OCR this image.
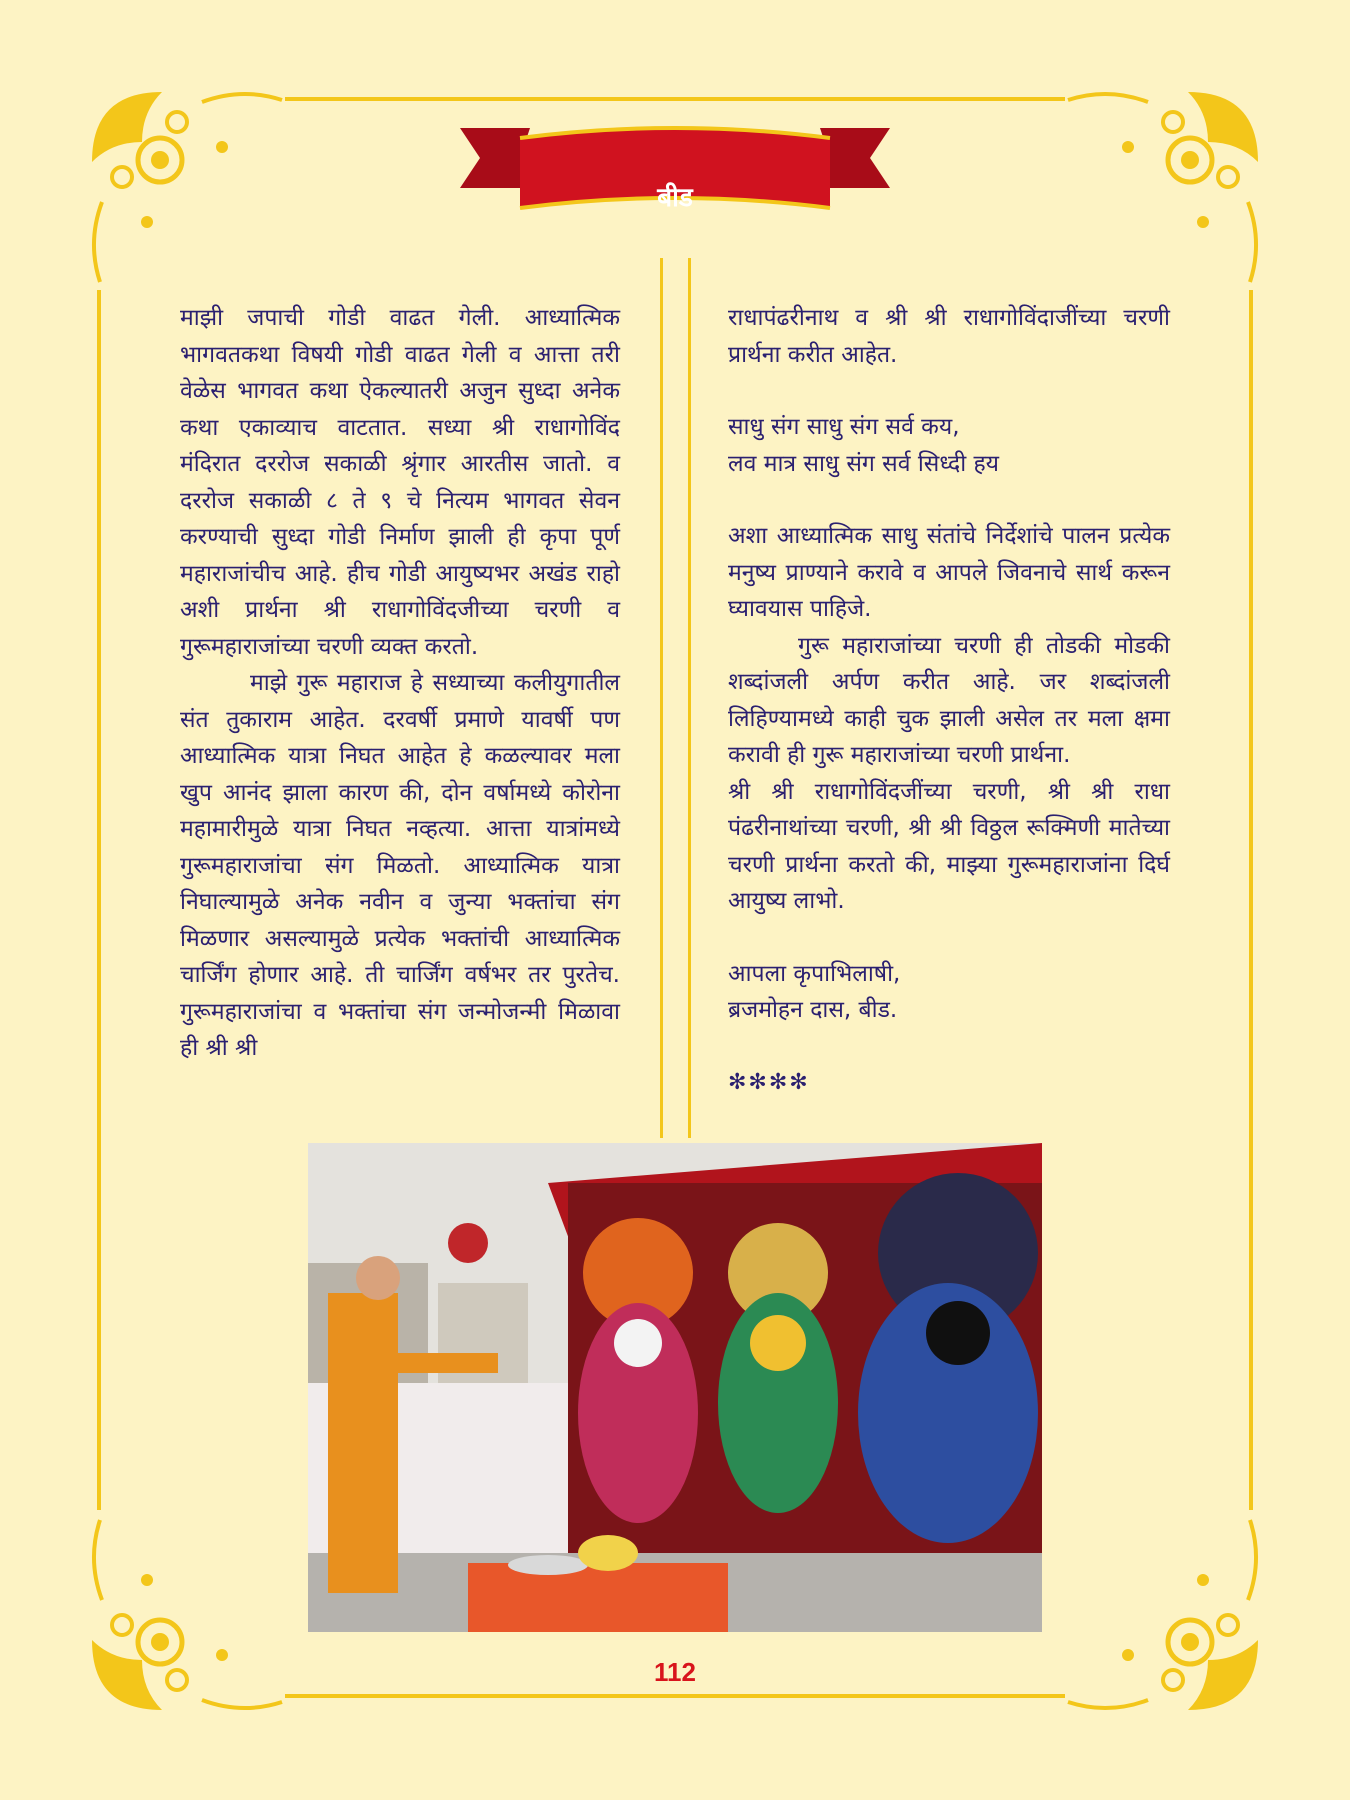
बीड

माझी जपाची गोडी वाढत गेली. आध्यात्मिक भागवतकथा विषयी गोडी वाढत गेली व आत्ता तरी वेळेस भागवत कथा ऐकल्यातरी अजुन सुध्दा अनेक कथा एकाव्याच वाटतात. सध्या श्री राधागोविंद मंदिरात दररोज सकाळी श्रृंगार आरतीस जातो. व दररोज सकाळी ८ ते ९ चे नित्यम भागवत सेवन करण्याची सुध्दा गोडी निर्माण झाली ही कृपा पूर्ण महाराजांचीच आहे. हीच गोडी आयुष्यभर अखंड राहो अशी प्रार्थना श्री राधागोविंदजीच्या चरणी व गुरूमहाराजांच्या चरणी व्यक्त करतो.

माझे गुरू महाराज हे सध्याच्या कलीयुगातील संत तुकाराम आहेत. दरवर्षी प्रमाणे यावर्षी पण आध्यात्मिक यात्रा निघत आहेत हे कळल्यावर मला खुप आनंद झाला कारण की, दोन वर्षामध्ये कोरोना महामारीमुळे यात्रा निघत नव्हत्या. आत्ता यात्रांमध्ये गुरूमहाराजांचा संग मिळतो. आध्यात्मिक यात्रा निघाल्यामुळे अनेक नवीन व जुन्या भक्तांचा संग मिळणार असल्यामुळे प्रत्येक भक्तांची आध्यात्मिक चार्जिंग होणार आहे. ती चार्जिंग वर्षभर तर पुरतेच. गुरूमहाराजांचा व भक्तांचा संग जन्मोजन्मी मिळावा ही श्री श्री

राधापंढरीनाथ व श्री श्री राधागोविंदाजींच्या चरणी प्रार्थना करीत आहेत.

साधु संग साधु संग सर्व कय,

लव मात्र साधु संग सर्व सिध्दी हय

अशा आध्यात्मिक साधु संतांचे निर्देशांचे पालन प्रत्येक मनुष्य प्राण्याने करावे व आपले जिवनाचे सार्थ करून घ्यावयास पाहिजे.

गुरू महाराजांच्या चरणी ही तोडकी मोडकी शब्दांजली अर्पण करीत आहे. जर शब्दांजली लिहिण्यामध्ये काही चुक झाली असेल तर मला क्षमा करावी ही गुरू महाराजांच्या चरणी प्रार्थना.

श्री श्री राधागोविंदजींच्या चरणी, श्री श्री राधा पंढरीनाथांच्या चरणी, श्री श्री विठ्ठल रूक्मिणी मातेच्या चरणी प्रार्थना करतो की, माझ्या गुरूमहाराजांना दिर्घ आयुष्य लाभो.

आपला कृपाभिलाषी,

ब्रजमोहन दास, बीड.

✻✻✻✻
112
